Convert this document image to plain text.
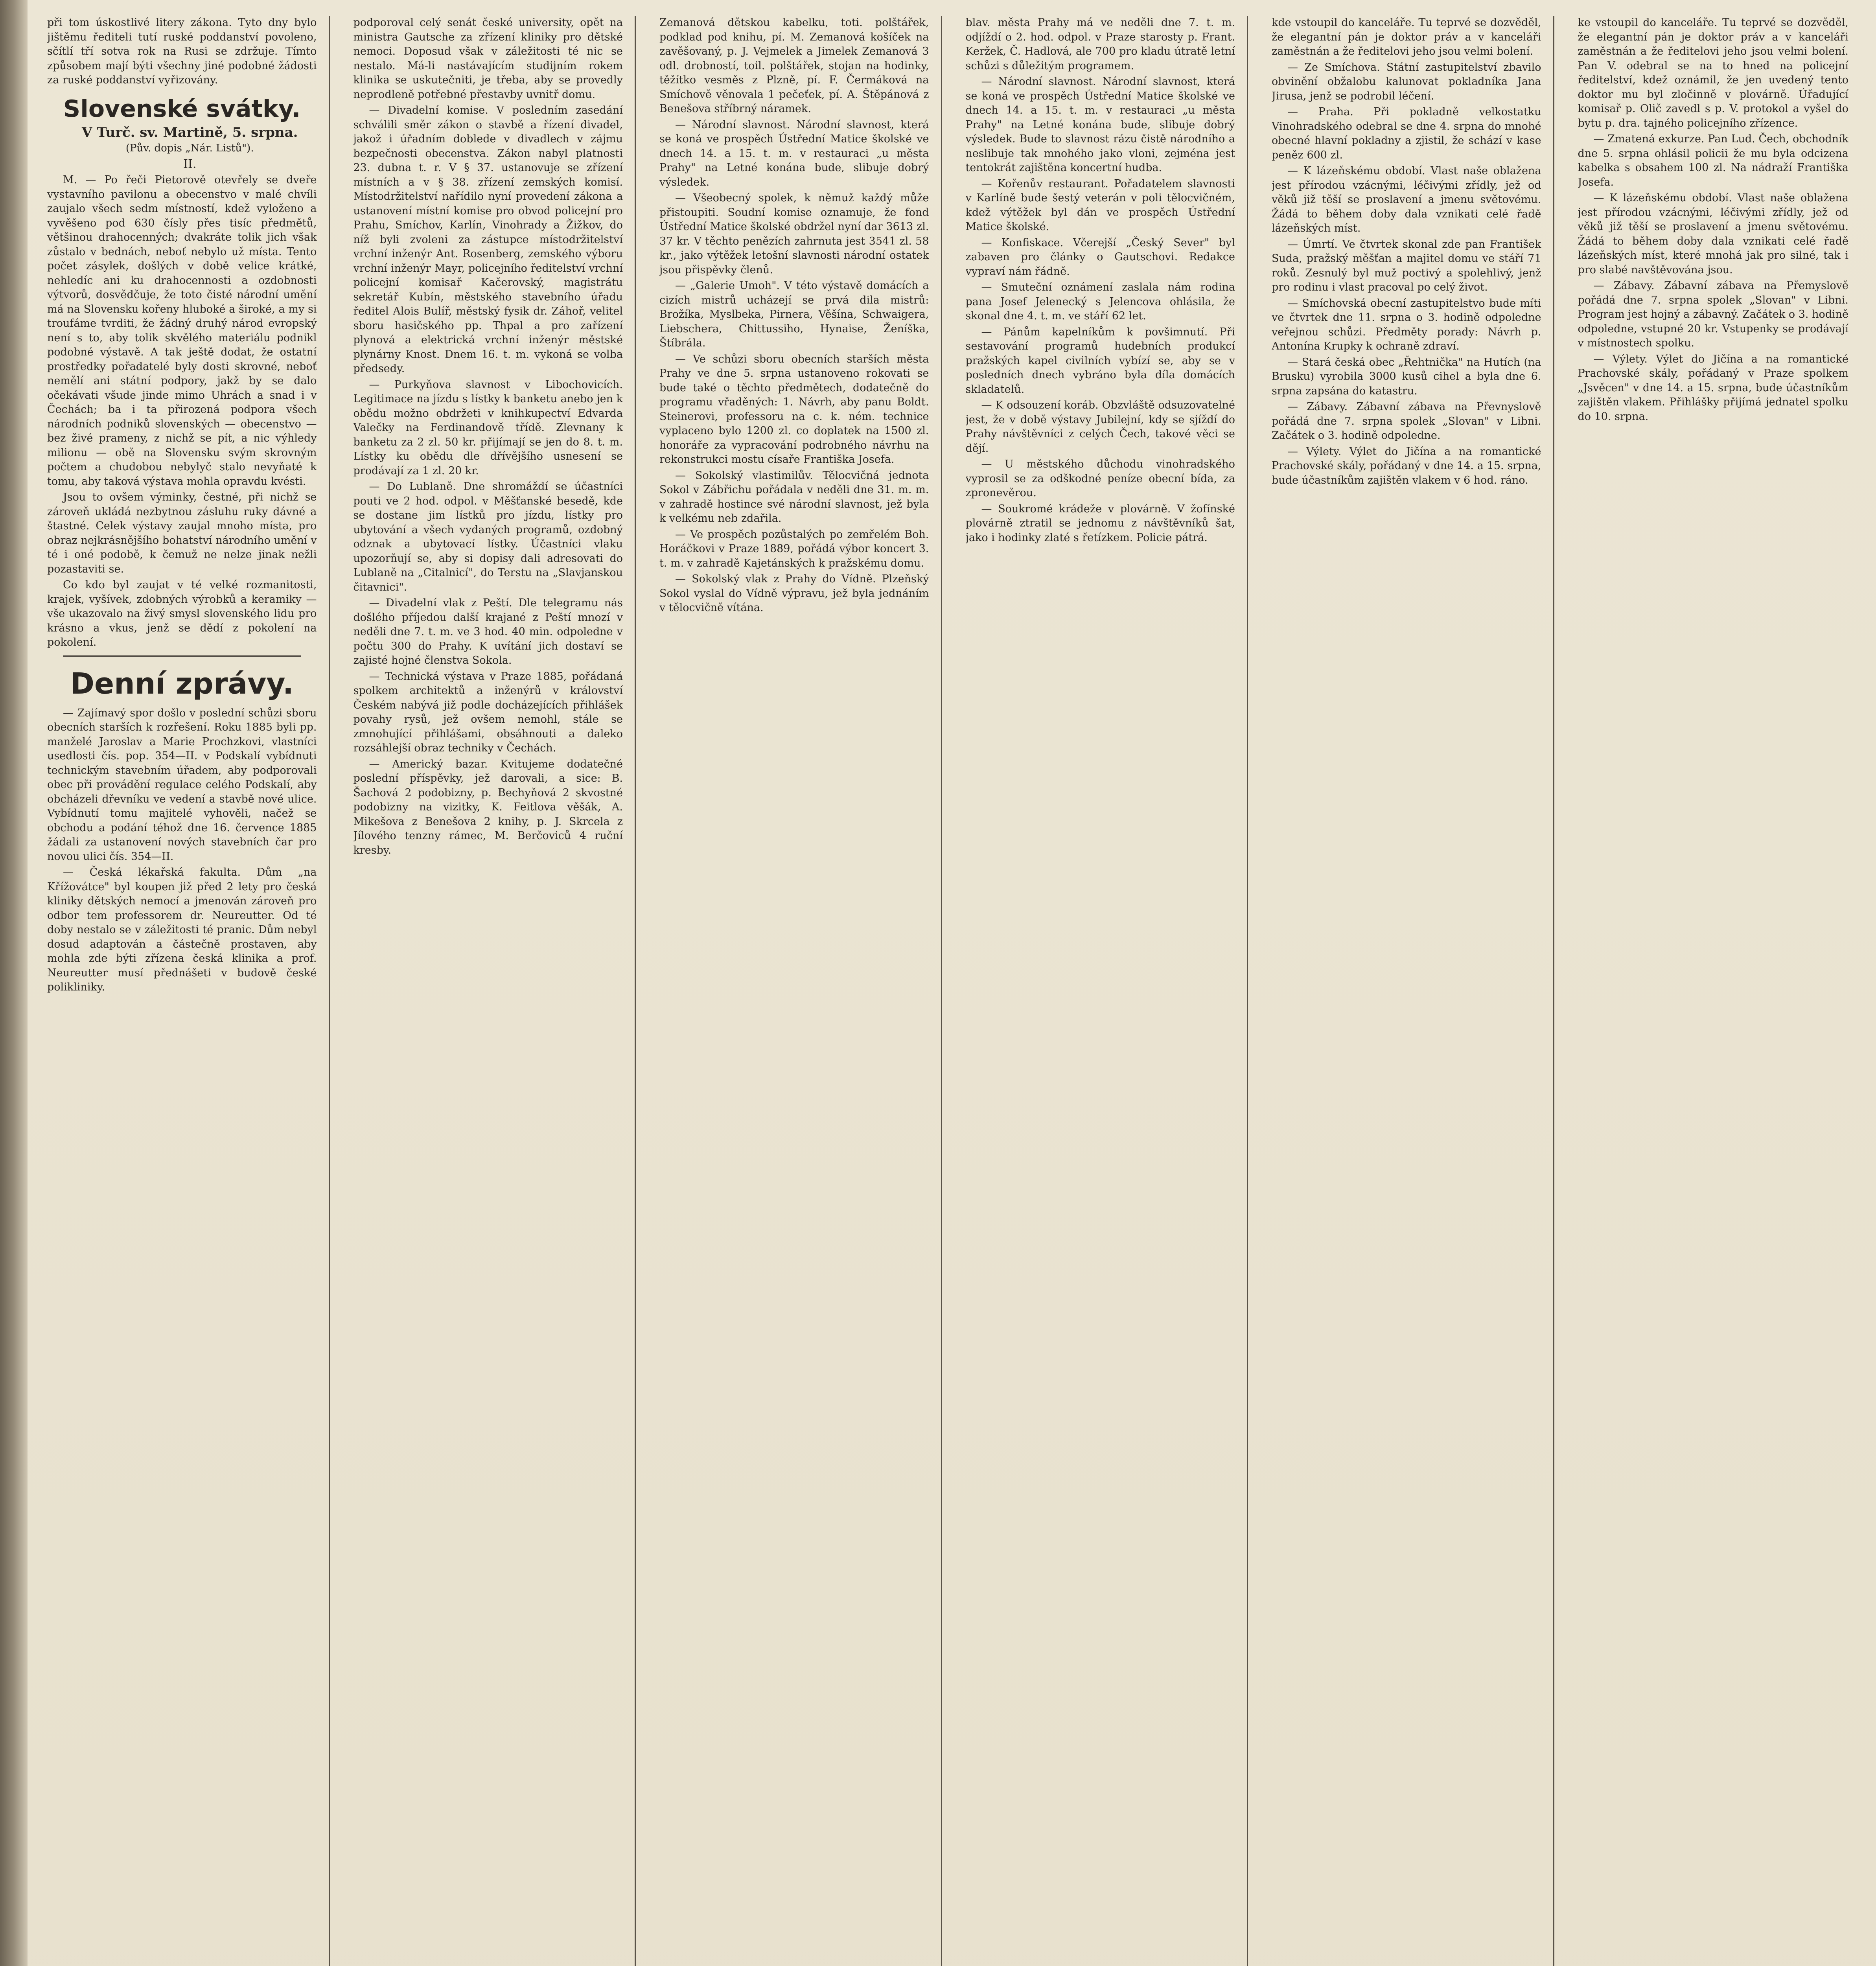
při tom úskostlivé litery zákona. Tyto dny bylo jištěmu řediteli tutí ruské poddanství povoleno, sčítlí tří sotva rok na Rusi se zdržuje. Tímto způsobem mají býti všechny jiné podobné žádosti za ruské poddanství vyřizovány.

Slovenské svátky.

V Turč. sv. Martině, 5. srpna.

(Pův. dopis „Nár. Listů").

II.

M. — Po řeči Pietorově otevřely se dveře vystavního pavilonu a obecenstvo v malé chvíli zaujalo všech sedm místností, kdež vyloženo a vyvěšeno pod 630 čísly přes tisíc předmětů, většinou drahocenných; dvakráte tolik jich však zůstalo v bednách, neboť nebylo už místa. Tento počet zásylek, došlých v době velice krátké, nehledíc ani ku drahocennosti a ozdobnosti výtvorů, dosvědčuje, že toto čisté národní umění má na Slovensku kořeny hluboké a široké, a my si troufáme tvrditi, že žádný druhý národ evropský není s to, aby tolik skvělého materiálu podnikl podobné výstavě. A tak ještě dodat, že ostatní prostředky pořadatelé byly dosti skrovné, neboť nemělí ani státní podpory, jakž by se dalo očekávati všude jinde mimo Uhrách a snad i v Čechách; ba i ta přirozená podpora všech národních podniků slovenských — obecenstvo — bez živé prameny, z nichž se pít, a nic výhledy milionu — obě na Slovensku svým skrovným počtem a chudobou nebylyč stalo nevyňaté k tomu, aby taková výstava mohla opravdu kvésti.

Jsou to ovšem výminky, čestné, při nichž se zároveň ukládá nezbytnou zásluhu ruky dávné a štastné. Celek výstavy zaujal mnoho místa, pro obraz nejkrásnějšího bohatství národního umění v té i oné podobě, k čemuž ne nelze jinak nežli pozastaviti se.

Co kdo byl zaujat v té velké rozmanitosti, krajek, vyšívek, zdobných výrobků a keramiky — vše ukazovalo na živý smysl slovenského lidu pro krásno a vkus, jenž se dědí z pokolení na pokolení.

Denní zprávy.

— Zajímavý spor došlo v poslední schůzi sboru obecních starších k rozřešení. Roku 1885 byli pp. manželé Jaroslav a Marie Prochzkovi, vlastníci usedlosti čís. pop. 354—II. v Podskalí vybídnuti technickým stavebním úřadem, aby podporovali obec při provádění regulace celého Podskalí, aby obcházeli dřevníku ve vedení a stavbě nové ulice. Vybídnutí tomu majitelé vyhověli, načež se obchodu a podání téhož dne 16. července 1885 žádali za ustanovení nových stavebních čar pro novou ulici čís. 354—II.

— Česká lékařská fakulta. Dům „na Křížovátce" byl koupen již před 2 lety pro česká kliniky dětských nemocí a jmenován zároveň pro odbor tem professorem dr. Neureutter. Od té doby nestalo se v záležitosti té pranic. Dům nebyl dosud adaptován a částečně prostaven, aby mohla zde býti zřízena česká klinika a prof. Neureutter musí přednášeti v budově české polikliniky.

podporoval celý senát české university, opět na ministra Gautsche za zřízení kliniky pro dětské nemoci. Doposud však v záležitosti té nic se nestalo. Má-li nastávajícím studijním rokem klinika se uskutečniti, je třeba, aby se provedly neprodleně potřebné přestavby uvnitř domu.

— Divadelní komise. V posledním zasedání schválili směr zákon o stavbě a řízení divadel, jakož i úřadním doblede v divadlech v zájmu bezpečnosti obecenstva. Zákon nabyl platnosti 23. dubna t. r. V § 37. ustanovuje se zřízení místních a v § 38. zřízení zemských komisí. Místodržitelství nařídilo nyní provedení zákona a ustanovení místní komise pro obvod policejní pro Prahu, Smíchov, Karlín, Vinohrady a Žižkov, do níž byli zvoleni za zástupce místodržitelství vrchní inženýr Ant. Rosenberg, zemského výboru vrchní inženýr Mayr, policejního ředitelství vrchní policejní komisař Kačerovský, magistrátu sekretář Kubín, městského stavebního úřadu ředitel Alois Bulíř, městský fysik dr. Záhoř, velitel sboru hasičského pp. Thpal a pro zařízení plynová a elektrická vrchní inženýr městské plynárny Knost. Dnem 16. t. m. vykoná se volba předsedy.

— Purkyňova slavnost v Libochovicích. Legitimace na jízdu s lístky k banketu anebo jen k obědu možno obdržeti v knihkupectví Edvarda Valečky na Ferdinandově třídě. Zlevnany k banketu za 2 zl. 50 kr. přijímají se jen do 8. t. m. Lístky ku obědu dle dřívějšího usnesení se prodávají za 1 zl. 20 kr.

— Do Lublaně. Dne shromáždí se účastníci pouti ve 2 hod. odpol. v Měšťanské besedě, kde se dostane jim lístků pro jízdu, lístky pro ubytování a všech vydaných programů, ozdobný odznak a ubytovací lístky. Účastníci vlaku upozorňují se, aby si dopisy dali adresovati do Lublaně na „Citalnicí", do Terstu na „Slavjanskou čitavnici".

— Divadelní vlak z Peští. Dle telegramu nás došlého příjedou další krajané z Peští mnozí v neděli dne 7. t. m. ve 3 hod. 40 min. odpoledne v počtu 300 do Prahy. K uvítání jich dostaví se zajisté hojné členstva Sokola.

— Technická výstava v Praze 1885, pořádaná spolkem architektů a inženýrů v království Českém nabývá již podle docházejících přihlášek povahy rysů, jež ovšem nemohl, stále se zmnohující přihlášami, obsáhnouti a daleko rozsáhlejší obraz techniky v Čechách.

— Americký bazar. Kvitujeme dodatečné poslední příspěvky, jež darovali, a sice: B. Šachová 2 podobizny, p. Bechyňová 2 skvostné podobizny na vizitky, K. Feitlova věšák, A. Mikešova z Benešova 2 knihy, p. J. Skrcela z Jílového tenzny rámec, M. Berčoviců 4 ruční kresby.

Zemanová dětskou kabelku, toti. polštářek, podklad pod knihu, pí. M. Zemanová košíček na zavěšovaný, p. J. Vejmelek a Jimelek Zemanová 3 odl. drobností, toil. polštářek, stojan na hodinky, těžítko vesměs z Plzně, pí. F. Čermáková na Smíchově věnovala 1 pečeťek, pí. A. Štěpánová z Benešova stříbrný náramek.

— Národní slavnost. Národní slavnost, která se koná ve prospěch Ústřední Matice školské ve dnech 14. a 15. t. m. v restauraci „u města Prahy" na Letné konána bude, slibuje dobrý výsledek.

— Všeobecný spolek, k němuž každý může přistoupiti. Soudní komise oznamuje, že fond Ústřední Matice školské obdržel nyní dar 3613 zl. 37 kr. V těchto penězích zahrnuta jest 3541 zl. 58 kr., jako výtěžek letošní slavnosti národní ostatek jsou přispěvky členů.

— „Galerie Umoh". V této výstavě domácích a cizích mistrů ucházejí se prvá dila mistrů: Brožíka, Myslbeka, Pirnera, Věšína, Schwaigera, Liebschera, Chittussiho, Hynaise, Ženíška, Štíbrála.

— Ve schůzi sboru obecních starších města Prahy ve dne 5. srpna ustanoveno rokovati se bude také o těchto předmětech, dodatečně do programu vřaděných: 1. Návrh, aby panu Boldt. Steinerovi, professoru na c. k. ném. technice vyplaceno bylo 1200 zl. co doplatek na 1500 zl. honoráře za vypracování podrobného návrhu na rekonstrukci mostu císaře Františka Josefa.

— Sokolský vlastimilův. Tělocvičná jednota Sokol v Zábřichu pořádala v neděli dne 31. m. m. v zahradě hostince své národní slavnost, jež byla k velkému neb zdařila.

— Ve prospěch pozůstalých po zemřelém Boh. Horáčkovi v Praze 1889, pořádá výbor koncert 3. t. m. v zahradě Kajetánských k pražskému domu.

— Sokolský vlak z Prahy do Vídně. Plzeňský Sokol vyslal do Vídně výpravu, jež byla jednáním v tělocvičně vítána.

blav. města Prahy má ve neděli dne 7. t. m. odjíždí o 2. hod. odpol. v Praze starosty p. Frant. Keržek, Č. Hadlová, ale 700 pro kladu útratě letní schůzi s důležitým programem.

— Národní slavnost. Národní slavnost, která se koná ve prospěch Ústřední Matice školské ve dnech 14. a 15. t. m. v restauraci „u města Prahy" na Letné konána bude, slibuje dobrý výsledek. Bude to slavnost rázu čistě národního a neslibuje tak mnohého jako vloni, zejména jest tentokrát zajištěna koncertní hudba.

— Kořenův restaurant. Pořadatelem slavnosti v Karlíně bude šestý veterán v poli tělocvičném, kdež výtěžek byl dán ve prospěch Ústřední Matice školské.

— Konfiskace. Včerejší „Český Sever" byl zabaven pro články o Gautschovi. Redakce vypraví nám řádně.

— Smuteční oznámení zaslala nám rodina pana Josef Jelenecký s Jelencova ohlásila, že skonal dne 4. t. m. ve stáří 62 let.

— Pánům kapelníkům k povšimnutí. Při sestavování programů hudebních produkcí pražských kapel civilních vybízí se, aby se v posledních dnech vybráno byla díla domácích skladatelů.

— K odsouzení koráb. Obzvláště odsuzovatelné jest, že v době výstavy Jubilejní, kdy se sjíždí do Prahy návštěvníci z celých Čech, takové věci se dějí.

— U městského důchodu vinohradského vyprosil se za odškodné peníze obecní bída, za zpronevěrou.

— Soukromé krádeže v plovárně. V žofínské plovárně ztratil se jednomu z návštěvníků šat, jako i hodinky zlaté s řetízkem. Policie pátrá.

kde vstoupil do kanceláře. Tu teprvé se dozvěděl, že elegantní pán je doktor práv a v kanceláři zaměstnán a že ředitelovi jeho jsou velmi bolení.

— Ze Smíchova. Státní zastupitelství zbavilo obvinění obžalobu kalunovat pokladníka Jana Jirusa, jenž se podrobil léčení.

— Praha. Při pokladně velkostatku Vinohradského odebral se dne 4. srpna do mnohé obecné hlavní pokladny a zjistil, že schází v kase peněz 600 zl.

— K lázeňskému období. Vlast naše oblažena jest přírodou vzácnými, léčivými zřídly, jež od věků již těší se proslavení a jmenu světovému. Žádá to během doby dala vznikati celé řadě lázeňských míst.

— Úmrtí. Ve čtvrtek skonal zde pan František Suda, pražský měšťan a majitel domu ve stáří 71 roků. Zesnulý byl muž poctivý a spolehlivý, jenž pro rodinu i vlast pracoval po celý život.

— Smíchovská obecní zastupitelstvo bude míti ve čtvrtek dne 11. srpna o 3. hodině odpoledne veřejnou schůzi. Předměty porady: Návrh p. Antonína Krupky k ochraně zdraví.

— Stará česká obec „Řehtnička" na Hutích (na Brusku) vyrobila 3000 kusů cihel a byla dne 6. srpna zapsána do katastru.

— Zábavy. Zábavní zábava na Převnyslově pořádá dne 7. srpna spolek „Slovan" v Libni. Začátek o 3. hodině odpoledne.

— Výlety. Výlet do Jičína a na romantické Prachovské skály, pořádaný v dne 14. a 15. srpna, bude účastníkům zajištěn vlakem v 6 hod. ráno.

ke vstoupil do kanceláře. Tu teprvé se dozvěděl, že elegantní pán je doktor práv a v kanceláři zaměstnán a že ředitelovi jeho jsou velmi bolení. Pan V. odebral se na to hned na policejní ředitelství, kdež oznámil, že jen uvedený tento doktor mu byl zločinně v plovárně. Úřadující komisař p. Olič zavedl s p. V. protokol a vyšel do bytu p. dra. tajného policejního zřízence.

— Zmatená exkurze. Pan Lud. Čech, obchodník dne 5. srpna ohlásil policii že mu byla odcizena kabelka s obsahem 100 zl. Na nádraží Františka Josefa.

— K lázeňskému období. Vlast naše oblažena jest přírodou vzácnými, léčivými zřídly, jež od věků již těší se proslavení a jmenu světovému. Žádá to během doby dala vznikati celé řadě lázeňských míst, které mnohá jak pro silné, tak i pro slabé navštěvována jsou.

— Zábavy. Zábavní zábava na Přemyslově pořádá dne 7. srpna spolek „Slovan" v Libni. Program jest hojný a zábavný. Začátek o 3. hodině odpoledne, vstupné 20 kr. Vstupenky se prodávají v místnostech spolku.

— Výlety. Výlet do Jičína a na romantické Prachovské skály, pořádaný v Praze spolkem „Jsvěcen" v dne 14. a 15. srpna, bude účastníkům zajištěn vlakem. Přihlášky přijímá jednatel spolku do 10. srpna.
